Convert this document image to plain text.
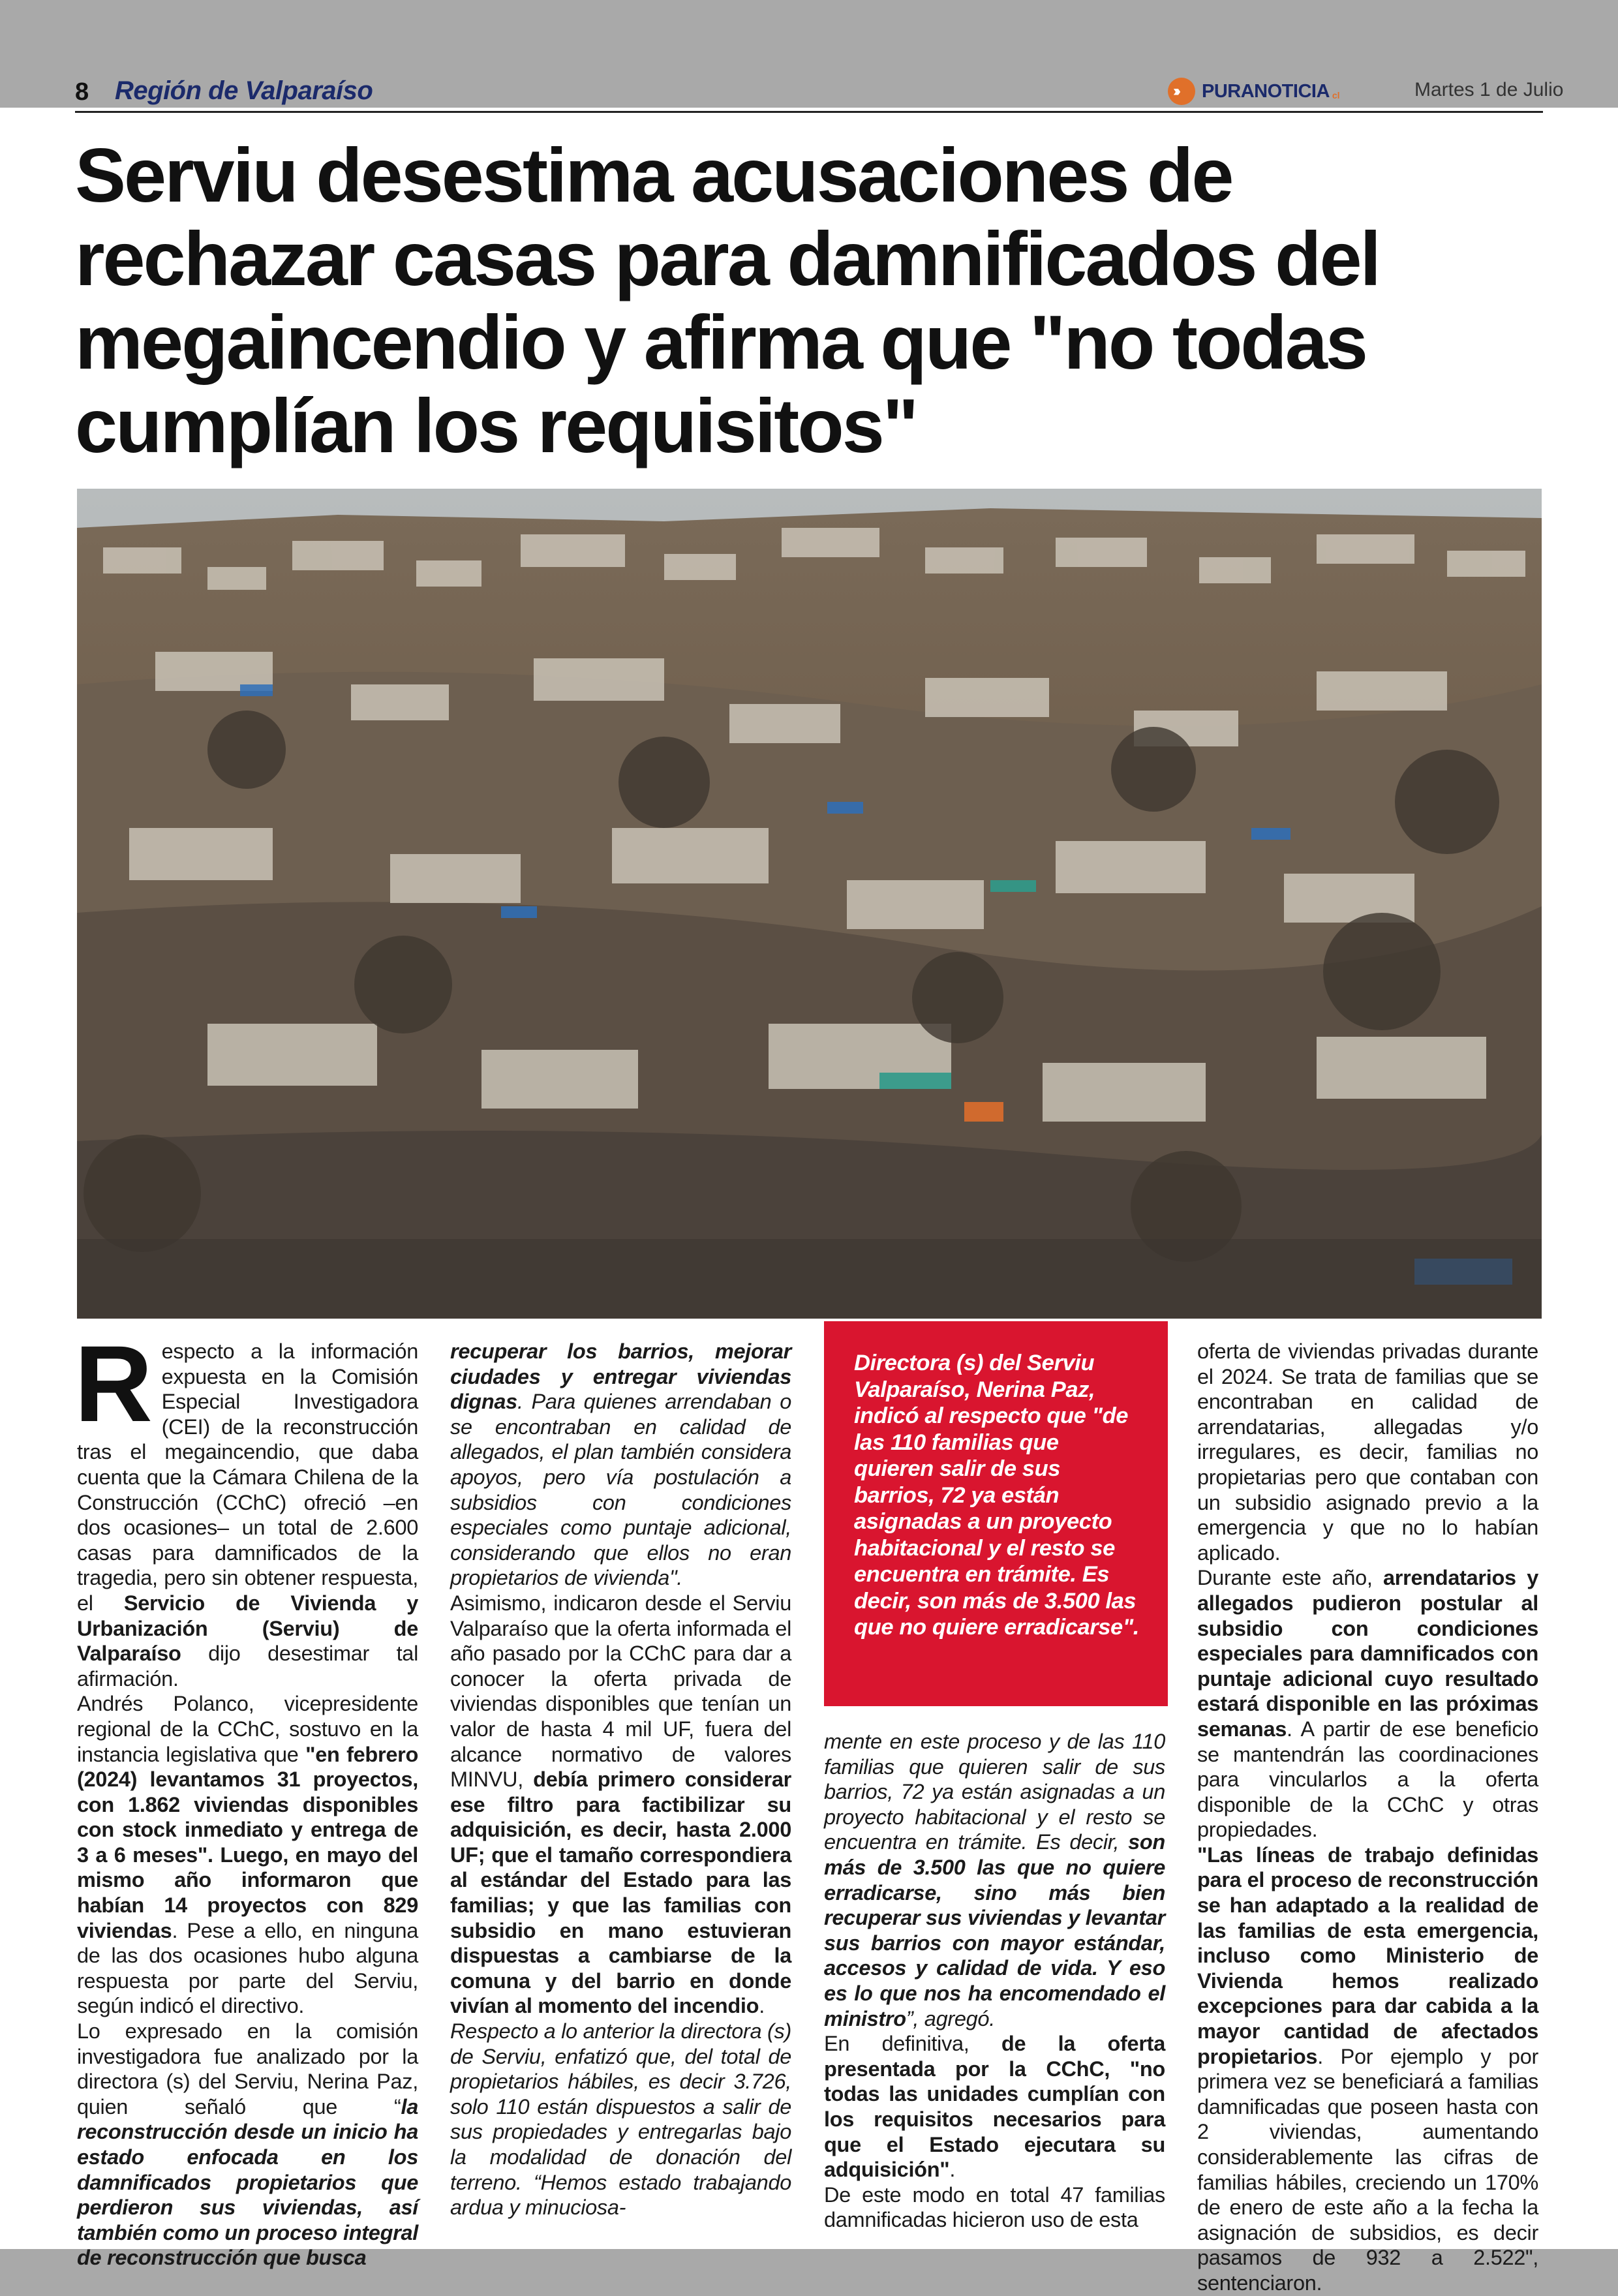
8 Región de Valparaíso	››› PURANOTICIA cl	Martes 1 de Julio
Serviu desestima acusaciones de rechazar casas para damnificados del megaincendio y afirma que "no todas cumplían los requisitos"

Directora (s) del Serviu Valparaíso, Nerina Paz, indicó al respecto que "de las 110 familias que quieren salir de sus barrios, 72 ya están asignadas a un proyecto habitacional y el resto se encuentra en trámite. Es decir, son más de 3.500 las que no quiere erradicarse".

Respecto a la información expuesta en la Comisión Especial Investigadora (CEI) de la reconstrucción tras el megaincendio, que daba cuenta que la Cámara Chilena de la Construcción (CChC) ofreció –en dos ocasiones– un total de 2.600 casas para damnificados de la tragedia, pero sin obtener respuesta, el Servicio de Vivienda y Urbanización (Serviu) de Valparaíso dijo desestimar tal afirmación.

Andrés Polanco, vicepresidente regional de la CChC, sostuvo en la instancia legislativa que "en febrero (2024) levantamos 31 proyectos, con 1.862 viviendas disponibles con stock inmediato y entrega de 3 a 6 meses". Luego, en mayo del mismo año informaron que habían 14 proyectos con 829 viviendas. Pese a ello, en ninguna de las dos ocasiones hubo alguna respuesta por parte del Serviu, según indicó el directivo.

Lo expresado en la comisión investigadora fue analizado por la directora (s) del Serviu, Nerina Paz, quien señaló que “la reconstrucción desde un inicio ha estado enfocada en los damnificados propietarios que perdieron sus viviendas, así también como un proceso integral de reconstrucción que busca

recuperar los barrios, mejorar ciudades y entregar viviendas dignas. Para quienes arrendaban o se encontraban en calidad de allegados, el plan también considera apoyos, pero vía postulación a subsidios con condiciones especiales como puntaje adicional, considerando que ellos no eran propietarios de vivienda".

Asimismo, indicaron desde el Serviu Valparaíso que la oferta informada el año pasado por la CChC para dar a conocer la oferta privada de viviendas disponibles que tenían un valor de hasta 4 mil UF, fuera del alcance normativo de valores MINVU, debía primero considerar ese filtro para factibilizar su adquisición, es decir, hasta 2.000 UF; que el tamaño correspondiera al estándar del Estado para las familias; y que las familias con subsidio en mano estuvieran dispuestas a cambiarse de la comuna y del barrio en donde vivían al momento del incendio.

Respecto a lo anterior la directora (s) de Serviu, enfatizó que, del total de propietarios hábiles, es decir 3.726, solo 110 están dispuestos a salir de sus propiedades y entregarlas bajo la modalidad de donación del terreno. “Hemos estado trabajando ardua y minuciosa-

mente en este proceso y de las 110 familias que quieren salir de sus barrios, 72 ya están asignadas a un proyecto habitacional y el resto se encuentra en trámite. Es decir, son más de 3.500 las que no quiere erradicarse, sino más bien recuperar sus viviendas y levantar sus barrios con mayor estándar, accesos y calidad de vida. Y eso es lo que nos ha encomendado el ministro”, agregó.

En definitiva, de la oferta presentada por la CChC, "no todas las unidades cumplían con los requisitos necesarios para que el Estado ejecutara su adquisición".

De este modo en total 47 familias damnificadas hicieron uso de esta

oferta de viviendas privadas durante el 2024. Se trata de familias que se encontraban en calidad de arrendatarias, allegadas y/o irregulares, es decir, familias no propietarias pero que contaban con un subsidio asignado previo a la emergencia y que no lo habían aplicado.

Durante este año, arrendatarios y allegados pudieron postular al subsidio con condiciones especiales para damnificados con puntaje adicional cuyo resultado estará disponible en las próximas semanas. A partir de ese beneficio se mantendrán las coordinaciones para vincularlos a la oferta disponible de la CChC y otras propiedades.

"Las líneas de trabajo definidas para el proceso de reconstrucción se han adaptado a la realidad de las familias de esta emergencia, incluso como Ministerio de Vivienda hemos realizado excepciones para dar cabida a la mayor cantidad de afectados propietarios. Por ejemplo y por primera vez se beneficiará a familias damnificadas que poseen hasta con 2 viviendas, aumentando considerablemente las cifras de familias hábiles, creciendo un 170% de enero de este año a la fecha la asignación de subsidios, es decir pasamos de 932 a 2.522", sentenciaron.
